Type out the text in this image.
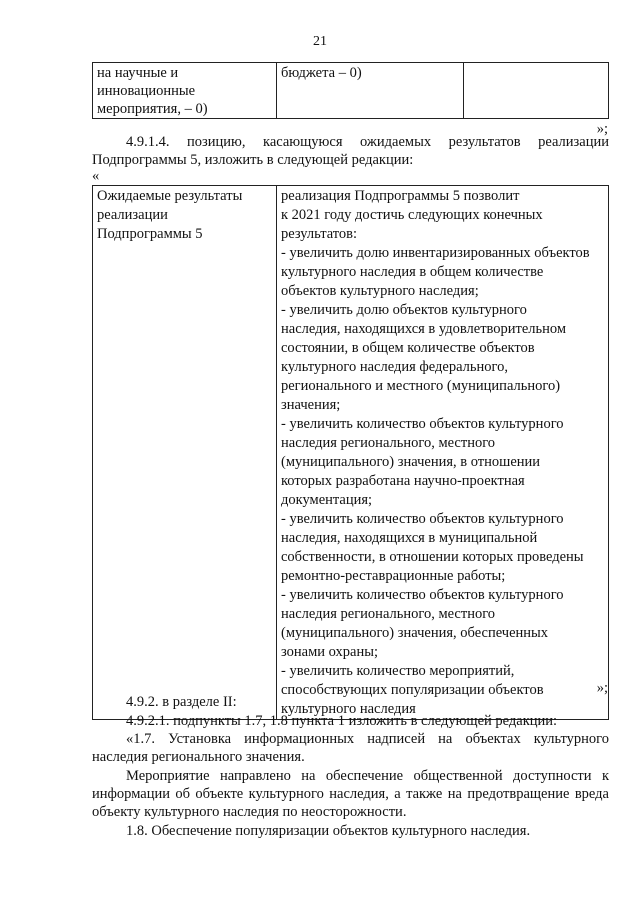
21
на научные и
инновационные
мероприятия, – 0)	бюджета – 0)	
»;
4.9.1.4. позицию, касающуюся ожидаемых результатов реализации Подпрограммы 5, изложить в следующей редакции:
«
Ожидаемые результаты
реализации
Подпрограммы 5	реализация Подпрограммы 5 позволит
к 2021 году достичь следующих конечных
результатов:
- увеличить долю инвентаризированных объектов
культурного наследия в общем количестве
объектов культурного наследия;
- увеличить долю объектов культурного
наследия, находящихся в удовлетворительном
состоянии, в общем количестве объектов
культурного наследия федерального,
регионального и местного (муниципального)
значения;
- увеличить количество объектов культурного
наследия регионального, местного
(муниципального) значения, в отношении
которых разработана научно-проектная
документация;
- увеличить количество объектов культурного
наследия, находящихся в муниципальной
собственности, в отношении которых проведены
ремонтно-реставрационные работы;
- увеличить количество объектов культурного
наследия регионального, местного
(муниципального) значения, обеспеченных
зонами охраны;
- увеличить количество мероприятий,
способствующих популяризации объектов
культурного наследия
»;
4.9.2. в разделе II:
4.9.2.1. подпункты 1.7, 1.8 пункта 1 изложить в следующей редакции:
«1.7. Установка информационных надписей на объектах культурного наследия регионального значения.
Мероприятие направлено на обеспечение общественной доступности к информации об объекте культурного наследия, а также на предотвращение вреда объекту культурного наследия по неосторожности.
1.8. Обеспечение популяризации объектов культурного наследия.
